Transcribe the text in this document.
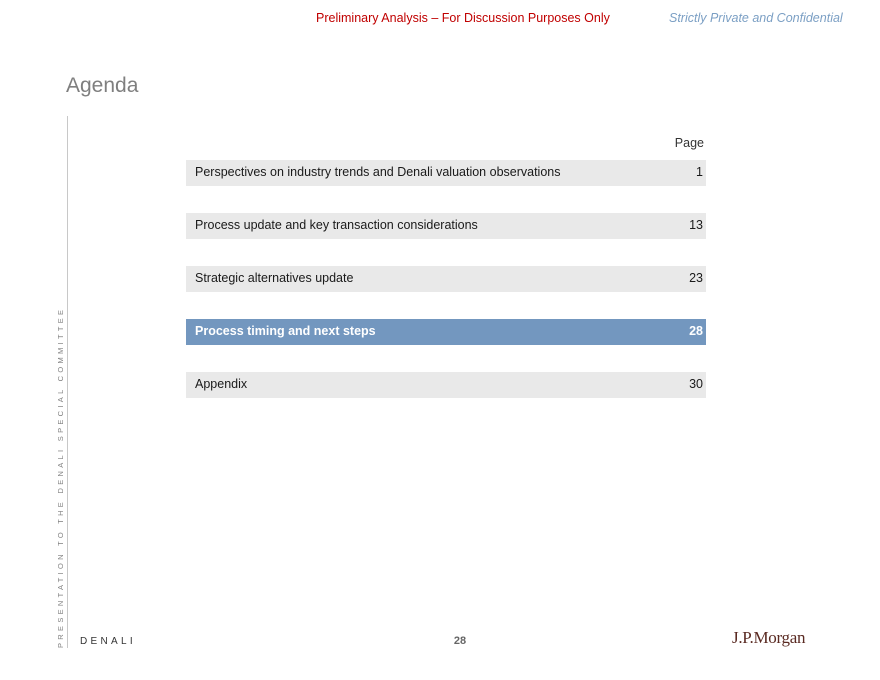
Preliminary Analysis – For Discussion Purposes Only	Strictly Private and Confidential
Agenda
PRESENTATION TO THE DENALI SPECIAL COMMITTEE
Page
Perspectives on industry trends and Denali valuation observations	1
Process update and key transaction considerations	13
Strategic alternatives update	23
Process timing and next steps	28
Appendix	30
DENALI	28	J.P.Morgan
